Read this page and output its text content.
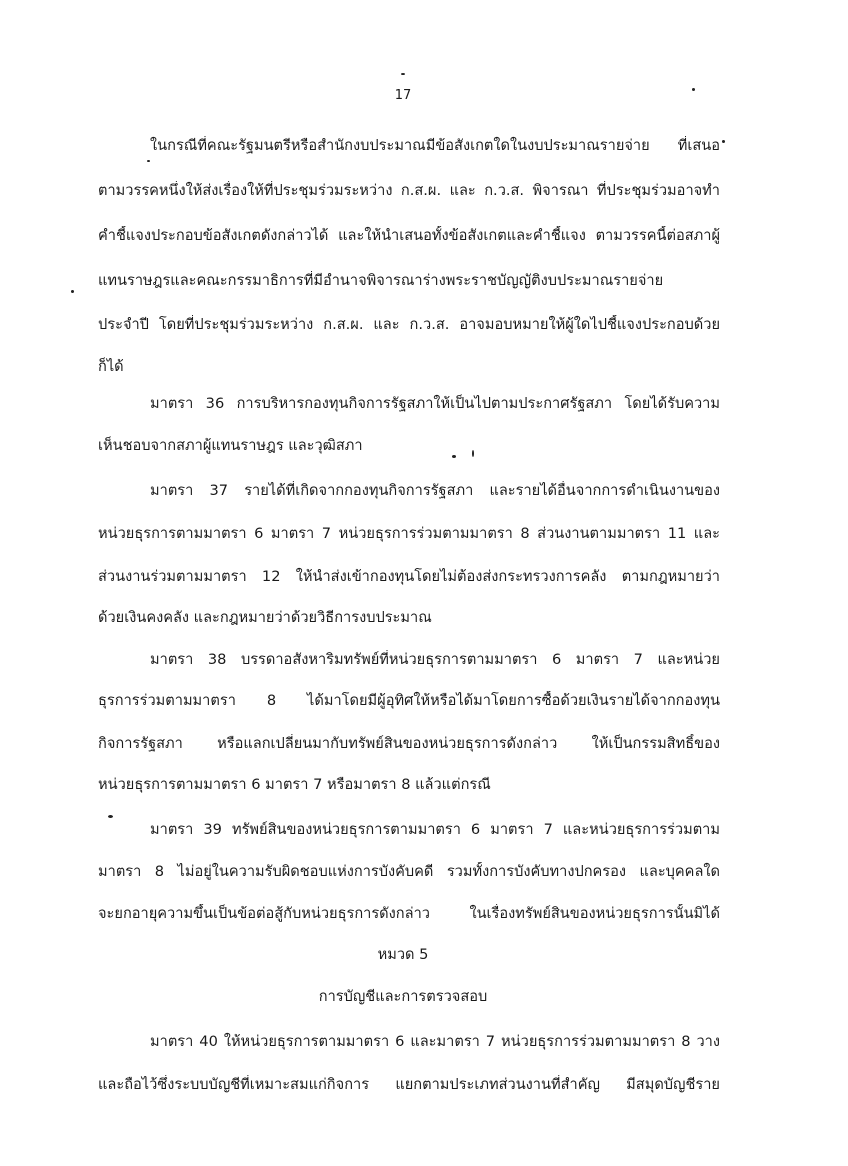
17
ในกรณีที่คณะรัฐมนตรีหรือสำนักงบประมาณมีข้อสังเกตใดในงบประมาณรายจ่าย ที่เสนอ
ตามวรรคหนึ่งให้ส่งเรื่องให้ที่ประชุมร่วมระหว่าง ก.ส.ผ. และ ก.ว.ส. พิจารณา ที่ประชุมร่วมอาจทำ
คำชี้แจงประกอบข้อสังเกตดังกล่าวได้ และให้นำเสนอทั้งข้อสังเกตและคำชี้แจง ตามวรรคนี้ต่อสภาผู้
แทนราษฎรและคณะกรรมาธิการที่มีอำนาจพิจารณาร่างพระราชบัญญัติงบประมาณรายจ่าย
ประจำปี โดยที่ประชุมร่วมระหว่าง ก.ส.ผ. และ ก.ว.ส. อาจมอบหมายให้ผู้ใดไปชี้แจงประกอบด้วย
ก็ได้
มาตรา 36 การบริหารกองทุนกิจการรัฐสภาให้เป็นไปตามประกาศรัฐสภา โดยได้รับความ
เห็นชอบจากสภาผู้แทนราษฎร และวุฒิสภา
มาตรา 37 รายได้ที่เกิดจากกองทุนกิจการรัฐสภา และรายได้อื่นจากการดำเนินงานของ
หน่วยธุรการตามมาตรา 6 มาตรา 7 หน่วยธุรการร่วมตามมาตรา 8 ส่วนงานตามมาตรา 11 และ
ส่วนงานร่วมตามมาตรา 12 ให้นำส่งเข้ากองทุนโดยไม่ต้องส่งกระทรวงการคลัง ตามกฎหมายว่า
ด้วยเงินคงคลัง และกฎหมายว่าด้วยวิธีการงบประมาณ
มาตรา 38 บรรดาอสังหาริมทรัพย์ที่หน่วยธุรการตามมาตรา 6 มาตรา 7 และหน่วย
ธุรการร่วมตามมาตรา 8 ได้มาโดยมีผู้อุทิศให้หรือได้มาโดยการซื้อด้วยเงินรายได้จากกองทุน
กิจการรัฐสภา หรือแลกเปลี่ยนมากับทรัพย์สินของหน่วยธุรการดังกล่าว ให้เป็นกรรมสิทธิ์ของ
หน่วยธุรการตามมาตรา 6 มาตรา 7 หรือมาตรา 8 แล้วแต่กรณี
มาตรา 39 ทรัพย์สินของหน่วยธุรการตามมาตรา 6 มาตรา 7 และหน่วยธุรการร่วมตาม
มาตรา 8 ไม่อยู่ในความรับผิดชอบแห่งการบังคับคดี รวมทั้งการบังคับทางปกครอง และบุคคลใด
จะยกอายุความขึ้นเป็นข้อต่อสู้กับหน่วยธุรการดังกล่าว ในเรื่องทรัพย์สินของหน่วยธุรการนั้นมิได้
หมวด 5
การบัญชีและการตรวจสอบ
มาตรา 40 ให้หน่วยธุรการตามมาตรา 6 และมาตรา 7 หน่วยธุรการร่วมตามมาตรา 8 วาง
และถือไว้ซึ่งระบบบัญชีที่เหมาะสมแก่กิจการ แยกตามประเภทส่วนงานที่สำคัญ มีสมุดบัญชีราย
